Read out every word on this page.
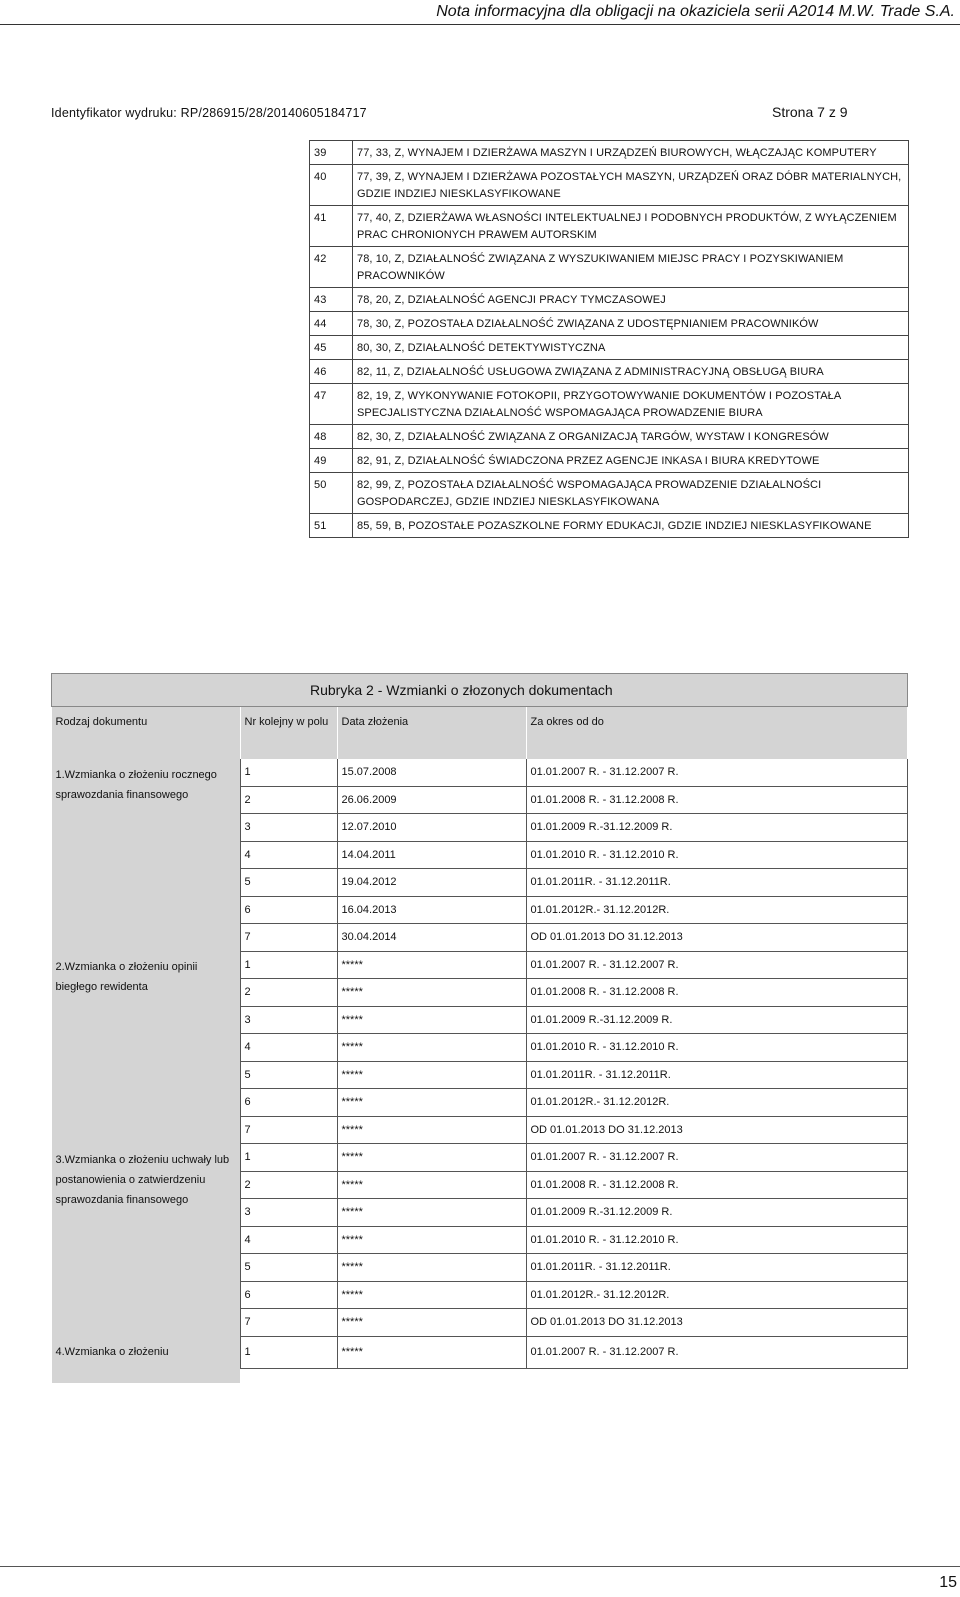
Nota informacyjna dla obligacji na okaziciela serii A2014 M.W. Trade S.A.
Identyfikator wydruku: RP/286915/28/20140605184717	Strona 7 z 9
39	77, 33, Z, WYNAJEM I DZIERŻAWA MASZYN I URZĄDZEŃ BIUROWYCH, WŁĄCZAJĄC KOMPUTERY
40	77, 39, Z, WYNAJEM I DZIERŻAWA POZOSTAŁYCH MASZYN, URZĄDZEŃ ORAZ DÓBR MATERIALNYCH, GDZIE INDZIEJ NIESKLASYFIKOWANE
41	77, 40, Z, DZIERŻAWA WŁASNOŚCI INTELEKTUALNEJ I PODOBNYCH PRODUKTÓW, Z WYŁĄCZENIEM PRAC CHRONIONYCH PRAWEM AUTORSKIM
42	78, 10, Z, DZIAŁALNOŚĆ ZWIĄZANA Z WYSZUKIWANIEM MIEJSC PRACY I POZYSKIWANIEM PRACOWNIKÓW
43	78, 20, Z, DZIAŁALNOŚĆ AGENCJI PRACY TYMCZASOWEJ
44	78, 30, Z, POZOSTAŁA DZIAŁALNOŚĆ ZWIĄZANA Z UDOSTĘPNIANIEM PRACOWNIKÓW
45	80, 30, Z, DZIAŁALNOŚĆ DETEKTYWISTYCZNA
46	82, 11, Z, DZIAŁALNOŚĆ USŁUGOWA ZWIĄZANA Z ADMINISTRACYJNĄ OBSŁUGĄ BIURA
47	82, 19, Z, WYKONYWANIE FOTOKOPII, PRZYGOTOWYWANIE DOKUMENTÓW I POZOSTAŁA SPECJALISTYCZNA DZIAŁALNOŚĆ WSPOMAGAJĄCA PROWADZENIE BIURA
48	82, 30, Z, DZIAŁALNOŚĆ ZWIĄZANA Z ORGANIZACJĄ TARGÓW, WYSTAW I KONGRESÓW
49	82, 91, Z, DZIAŁALNOŚĆ ŚWIADCZONA PRZEZ AGENCJE INKASA I BIURA KREDYTOWE
50	82, 99, Z, POZOSTAŁA DZIAŁALNOŚĆ WSPOMAGAJĄCA PROWADZENIE DZIAŁALNOŚCI GOSPODARCZEJ, GDZIE INDZIEJ NIESKLASYFIKOWANA
51	85, 59, B, POZOSTAŁE POZASZKOLNE FORMY EDUKACJI, GDZIE INDZIEJ NIESKLASYFIKOWANE
Rubryka 2 - Wzmianki o złozonych dokumentach			
Rodzaj dokumentu	Nr kolejny w polu	Data złożenia	Za okres od do
1.Wzmianka o złożeniu rocznego sprawozdania finansowego	1	15.07.2008	01.01.2007 R. - 31.12.2007 R.
	2	26.06.2009	01.01.2008 R. - 31.12.2008 R.
	3	12.07.2010	01.01.2009 R.-31.12.2009 R.
	4	14.04.2011	01.01.2010 R. - 31.12.2010 R.
	5	19.04.2012	01.01.2011R. - 31.12.2011R.
	6	16.04.2013	01.01.2012R.- 31.12.2012R.
	7	30.04.2014	OD 01.01.2013 DO 31.12.2013
2.Wzmianka o złożeniu opinii biegłego rewidenta	1	*****	01.01.2007 R. - 31.12.2007 R.
	2	*****	01.01.2008 R. - 31.12.2008 R.
	3	*****	01.01.2009 R.-31.12.2009 R.
	4	*****	01.01.2010 R. - 31.12.2010 R.
	5	*****	01.01.2011R. - 31.12.2011R.
	6	*****	01.01.2012R.- 31.12.2012R.
	7	*****	OD 01.01.2013 DO 31.12.2013
3.Wzmianka o złożeniu uchwały lub postanowienia o zatwierdzeniu sprawozdania finansowego	1	*****	01.01.2007 R. - 31.12.2007 R.
	2	*****	01.01.2008 R. - 31.12.2008 R.
	3	*****	01.01.2009 R.-31.12.2009 R.
	4	*****	01.01.2010 R. - 31.12.2010 R.
	5	*****	01.01.2011R. - 31.12.2011R.
	6	*****	01.01.2012R.- 31.12.2012R.
	7	*****	OD 01.01.2013 DO 31.12.2013
4.Wzmianka o złożeniu	1	*****	01.01.2007 R. - 31.12.2007 R.

15
